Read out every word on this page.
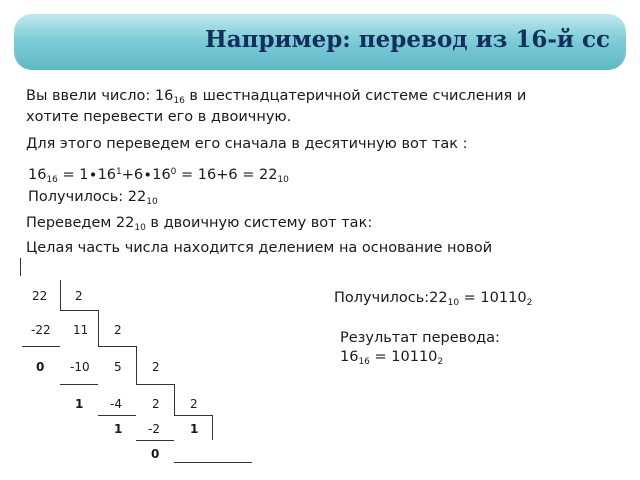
Например: перевод из 16-й сс
Вы ввели число: $16_{16}$ в шестнадцатеричной системе счисления и
хотите перевести его в двоичную.
Для этого переведем его сначала в десятичную вот так :
$16_{16} = 1\cdot 16^1+6\cdot 16^0 = 16+6 = 22_{10}$
Получилось: $22_{10}$
Переведем $22_{10}$ в двоичную систему вот так:
Целая часть числа находится делением на основание новой
22
-22
0
2
11
-10
1
2
5
-4
1
2
2
-2
0
2
1
$Получилось:22_{10} = 10110_2$
Результат перевода:
$16_{16} = 10110_2$
